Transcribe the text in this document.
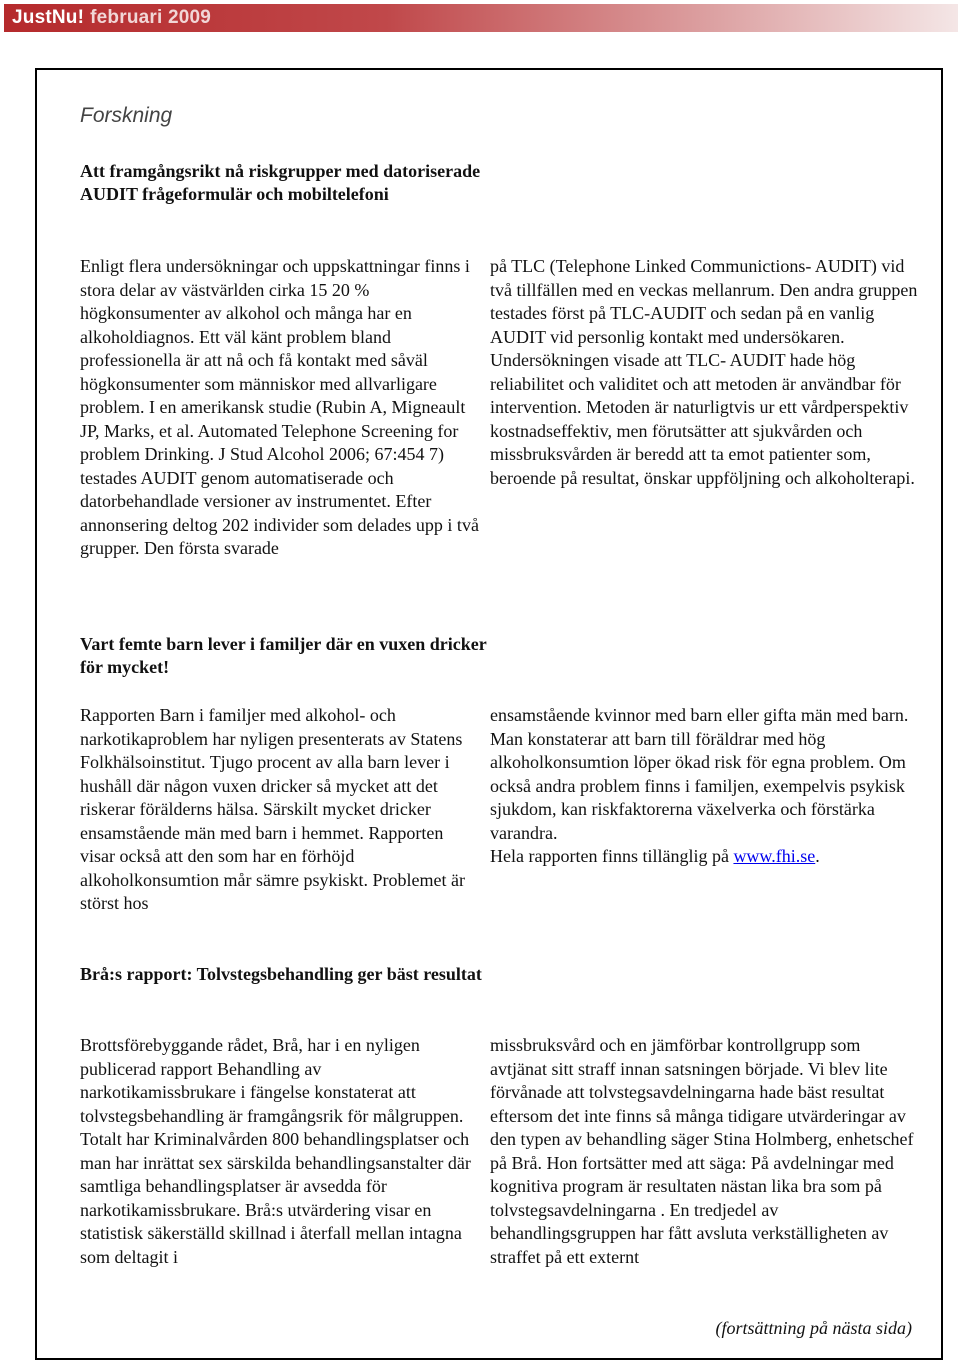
JustNu! februari 2009
Forskning
Att framgångsrikt nå riskgrupper med datoriserade AUDIT frågeformulär och mobiltelefoni

Enligt flera undersökningar och uppskattningar finns i stora delar av västvärlden cirka 15 20 % högkonsumenter av alkohol och många har en alkoholdiagnos. Ett väl känt problem bland professionella är att nå och få kontakt med såväl högkonsumenter som människor med allvarligare problem. I en amerikansk studie (Rubin A, Migneault JP, Marks, et al. Automated Telephone Screening for problem Drinking. J Stud Alcohol 2006; 67:454 7) testades AUDIT genom automatiserade och datorbehandlade versioner av instrumentet. Efter annonsering deltog 202 individer som delades upp i två grupper. Den första svarade

på TLC (Telephone Linked Communictions- AUDIT) vid två tillfällen med en veckas mellanrum. Den andra gruppen testades först på TLC-AUDIT och sedan på en vanlig AUDIT vid personlig kontakt med undersökaren. Undersökningen visade att TLC- AUDIT hade hög reliabilitet och validitet och att metoden är användbar för intervention. Metoden är naturligtvis ur ett vårdperspektiv kostnadseffektiv, men förutsätter att sjukvården och missbruksvården är beredd att ta emot patienter som, beroende på resultat, önskar uppföljning och alkoholterapi.

Vart femte barn lever i familjer där en vuxen dricker för mycket!

Rapporten Barn i familjer med alkohol- och narkotikaproblem har nyligen presenterats av Statens Folkhälsoinstitut. Tjugo procent av alla barn lever i hushåll där någon vuxen dricker så mycket att det riskerar förälderns hälsa. Särskilt mycket dricker ensamstående män med barn i hemmet. Rapporten visar också att den som har en förhöjd alkoholkonsumtion mår sämre psykiskt. Problemet är störst hos

ensamstående kvinnor med barn eller gifta män med barn. Man konstaterar att barn till föräldrar med hög alkoholkonsumtion löper ökad risk för egna problem. Om också andra problem finns i familjen, exempelvis psykisk sjukdom, kan riskfaktorerna växelverka och förstärka varandra.
Hela rapporten finns tillänglig på www.fhi.se.

Brå:s rapport: Tolvstegsbehandling ger bäst resultat

Brottsförebyggande rådet, Brå, har i en nyligen publicerad rapport Behandling av narkotikamissbrukare i fängelse konstaterat att tolvstegsbehandling är framgångsrik för målgruppen. Totalt har Kriminalvården 800 behandlingsplatser och man har inrättat sex särskilda behandlingsanstalter där samtliga behandlingsplatser är avsedda för narkotikamissbrukare. Brå:s utvärdering visar en statistisk säkerställd skillnad i återfall mellan intagna som deltagit i

missbruksvård och en jämförbar kontrollgrupp som avtjänat sitt straff innan satsningen började. Vi blev lite förvånade att tolvstegsavdelningarna hade bäst resultat eftersom det inte finns så många tidigare utvärderingar av den typen av behandling säger Stina Holmberg, enhetschef på Brå. Hon fortsätter med att säga: På avdelningar med kognitiva program är resultaten nästan lika bra som på tolvstegsavdelningarna . En tredjedel av behandlingsgruppen har fått avsluta verkställigheten av straffet på ett externt

(fortsättning på nästa sida)
